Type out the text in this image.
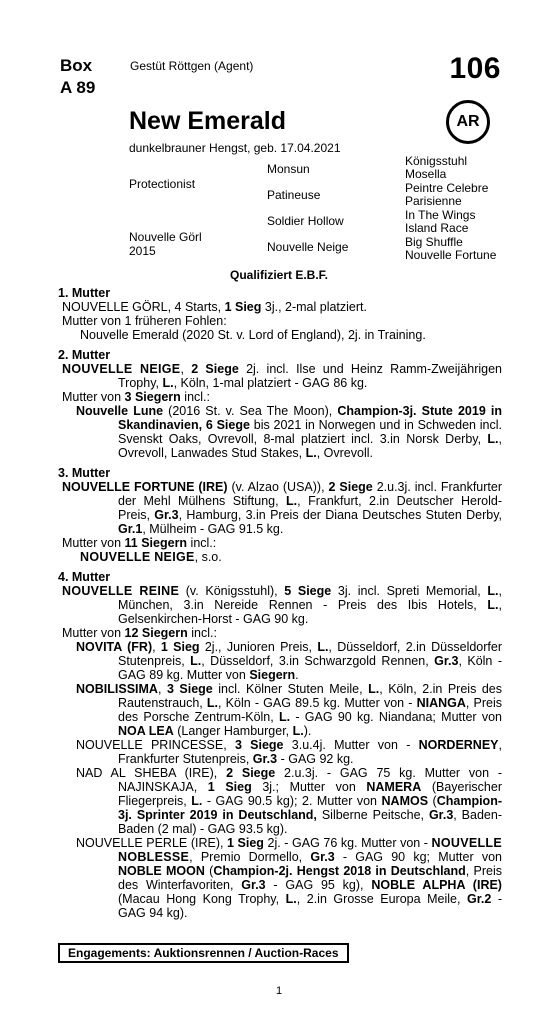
Box
A 89
Gestüt Röttgen (Agent)	106
AR
New Emerald
dunkelbrauner Hengst, geb. 17.04.2021
Protectionist
Nouvelle Görl
2015
Monsun
Patineuse
Soldier Hollow
Nouvelle Neige
Königsstuhl
Mosella
Peintre Celebre
Parisienne
In The Wings
Island Race
Big Shuffle
Nouvelle Fortune
Qualifiziert E.B.F.
1. Mutter
NOUVELLE GÖRL, 4 Starts, 1 Sieg 3j., 2-mal platziert.
Mutter von 1 früheren Fohlen:
Nouvelle Emerald (2020 St. v. Lord of England), 2j. in Training.
2. Mutter
NOUVELLE NEIGE, 2 Siege 2j. incl. Ilse und Heinz Ramm-Zweijährigen Trophy, L., Köln, 1-mal platziert - GAG 86 kg.
Mutter von 3 Siegern incl.:
Nouvelle Lune (2016 St. v. Sea The Moon), Champion-3j. Stute 2019 in Skandinavien, 6 Siege bis 2021 in Norwegen und in Schweden incl. Svenskt Oaks, Ovrevoll, 8-mal platziert incl. 3.in Norsk Derby, L., Ovrevoll, Lanwades Stud Stakes, L., Ovrevoll.
3. Mutter
NOUVELLE FORTUNE (IRE) (v. Alzao (USA)), 2 Siege 2.u.3j. incl. Frankfurter der Mehl Mülhens Stiftung, L., Frankfurt, 2.in Deutscher Herold-Preis, Gr.3, Hamburg, 3.in Preis der Diana Deutsches Stuten Derby, Gr.1, Mülheim - GAG 91.5 kg.
Mutter von 11 Siegern incl.:
NOUVELLE NEIGE, s.o.
4. Mutter
NOUVELLE REINE (v. Königsstuhl), 5 Siege 3j. incl. Spreti Memorial, L., München, 3.in Nereide Rennen - Preis des Ibis Hotels, L., Gelsenkirchen-Horst - GAG 90 kg.
Mutter von 12 Siegern incl.:
NOVITA (FR), 1 Sieg 2j., Junioren Preis, L., Düsseldorf, 2.in Düsseldorfer Stutenpreis, L., Düsseldorf, 3.in Schwarzgold Rennen, Gr.3, Köln - GAG 89 kg. Mutter von Siegern.
NOBILISSIMA, 3 Siege incl. Kölner Stuten Meile, L., Köln, 2.in Preis des Rautenstrauch, L., Köln - GAG 89.5 kg. Mutter von - NIANGA, Preis des Porsche Zentrum-Köln, L. - GAG 90 kg. Niandana; Mutter von NOA LEA (Langer Hamburger, L.).
NOUVELLE PRINCESSE, 3 Siege 3.u.4j. Mutter von - NORDERNEY, Frankfurter Stutenpreis, Gr.3 - GAG 92 kg.
NAD AL SHEBA (IRE), 2 Siege 2.u.3j. - GAG 75 kg. Mutter von - NAJINSKAJA, 1 Sieg 3j.; Mutter von NAMERA (Bayerischer Fliegerpreis, L. - GAG 90.5 kg); 2. Mutter von NAMOS (Champion-3j. Sprinter 2019 in Deutschland, Silberne Peitsche, Gr.3, Baden-Baden (2 mal) - GAG 93.5 kg).
NOUVELLE PERLE (IRE), 1 Sieg 2j. - GAG 76 kg. Mutter von - NOUVELLE NOBLESSE, Premio Dormello, Gr.3 - GAG 90 kg; Mutter von NOBLE MOON (Champion-2j. Hengst 2018 in Deutschland, Preis des Winterfavoriten, Gr.3 - GAG 95 kg), NOBLE ALPHA (IRE) (Macau Hong Kong Trophy, L., 2.in Grosse Europa Meile, Gr.2 - GAG 94 kg).
Engagements: Auktionsrennen / Auction-Races
1
